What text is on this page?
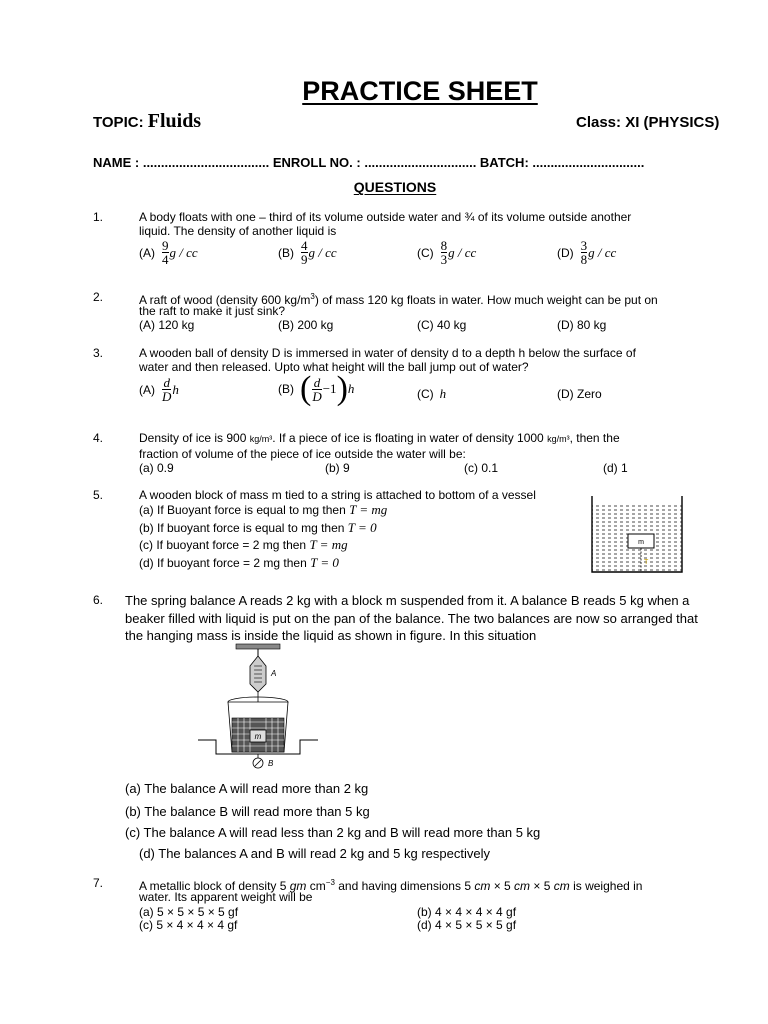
PRACTICE SHEET
TOPIC: Fluids	Class: XI (PHYSICS)
NAME : ................................... ENROLL NO. : ............................... BATCH: ...............................
QUESTIONS
1.	A body floats with one – third of its volume outside water and ¾ of its volume outside another
liquid. The density of another liquid is
$(A) \frac{9}{4}$ g / cc	$(B) \frac{4}{9}$ g / cc	$(C) \frac{8}{3}$ g / cc	$(D) \frac{3}{8}$ g / cc
2.	A raft of wood (density 600 $kg/m^3$) of mass 120 kg floats in water. How much weight can be put on
the raft to make it just sink?
(A) 120 kg	(B) 200 kg	(C) 40 kg	(D) 80 kg
3.	A wooden ball of density D is immersed in water of density d to a depth h below the surface of
water and then released. Upto what height will the ball jump out of water?
$(A) \frac{d}{D}$ h	(B) ( $\frac{d}{D} -1$ ) h	(C) h	(D) Zero
4.	Density of ice is 900 kg/m³. If a piece of ice is floating in water of density 1000 kg/m³, then the
fraction of volume of the piece of ice outside the water will be:
(a) 0.9	(b) 9	(c) 0.1	(d) 1
5.	A wooden block of mass m tied to a string is attached to bottom of a vessel
(a) If Buoyant force is equal to mg then T = mg
(b) If buoyant force is equal to mg then T = 0
(c) If buoyant force = 2 mg then T = mg
(d) If buoyant force = 2 mg then T = 0
m
T
6. The spring balance A reads 2 kg with a block m suspended from it. A balance B reads 5 kg when a
beaker filled with liquid is put on the pan of the balance. The two balances are now so arranged that
the hanging mass is inside the liquid as shown in figure. In this situation
A
m
B
(a) The balance A will read more than 2 kg
(b) The balance B will read more than 5 kg
(c) The balance A will read less than 2 kg and B will read more than 5 kg
(d) The balances A and B will read 2 kg and 5 kg respectively
7.	A metallic block of density 5 gm $cm^{-3}$ and having dimensions 5 cm × 5 cm × 5 cm is weighed in
water. Its apparent weight will be
(a) 5 × 5 × 5 × 5 gf	(b) 4 × 4 × 4 × 4 gf
(c) 5 × 4 × 4 × 4 gf	(d) 4 × 5 × 5 × 5 gf
